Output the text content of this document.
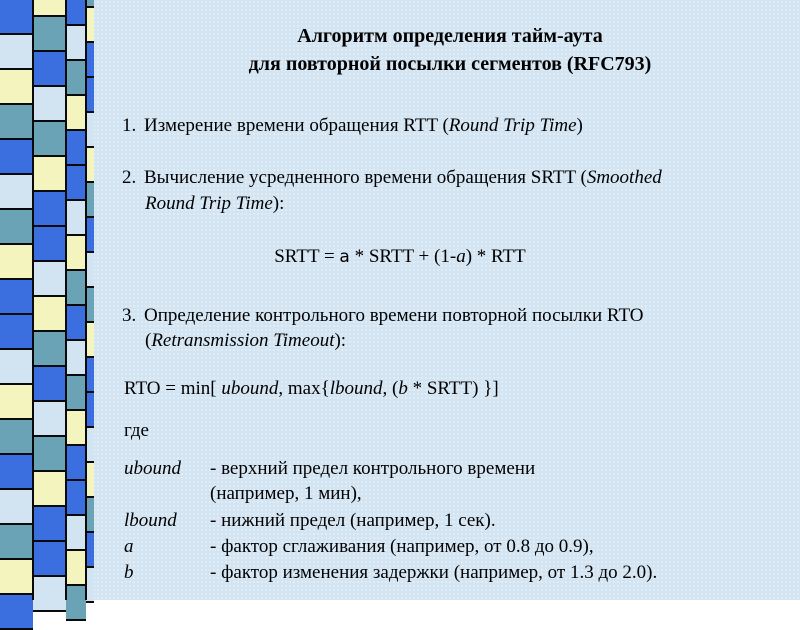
Алгоритм определения тайм-аута
для повторной посылки сегментов (RFC793)
1. Измерение времени обращения RTT (Round Trip Time)
2. Вычисление усредненного времени обращения SRTT (Smoothed
Round Trip Time):
SRTT = a * SRTT + (1-a) * RTT
3. Определение контрольного времени повторной посылки RTO
(Retransmission Timeout):
RTO = min[ ubound, max{lbound, (b * SRTT) }]
где
ubound - верхний предел контрольного времени
(например, 1 мин),
lbound - нижний предел (например, 1 сек).
a	- фактор сглаживания (например, от 0.8 до 0.9),
b	- фактор изменения задержки (например, от 1.3 до 2.0).
